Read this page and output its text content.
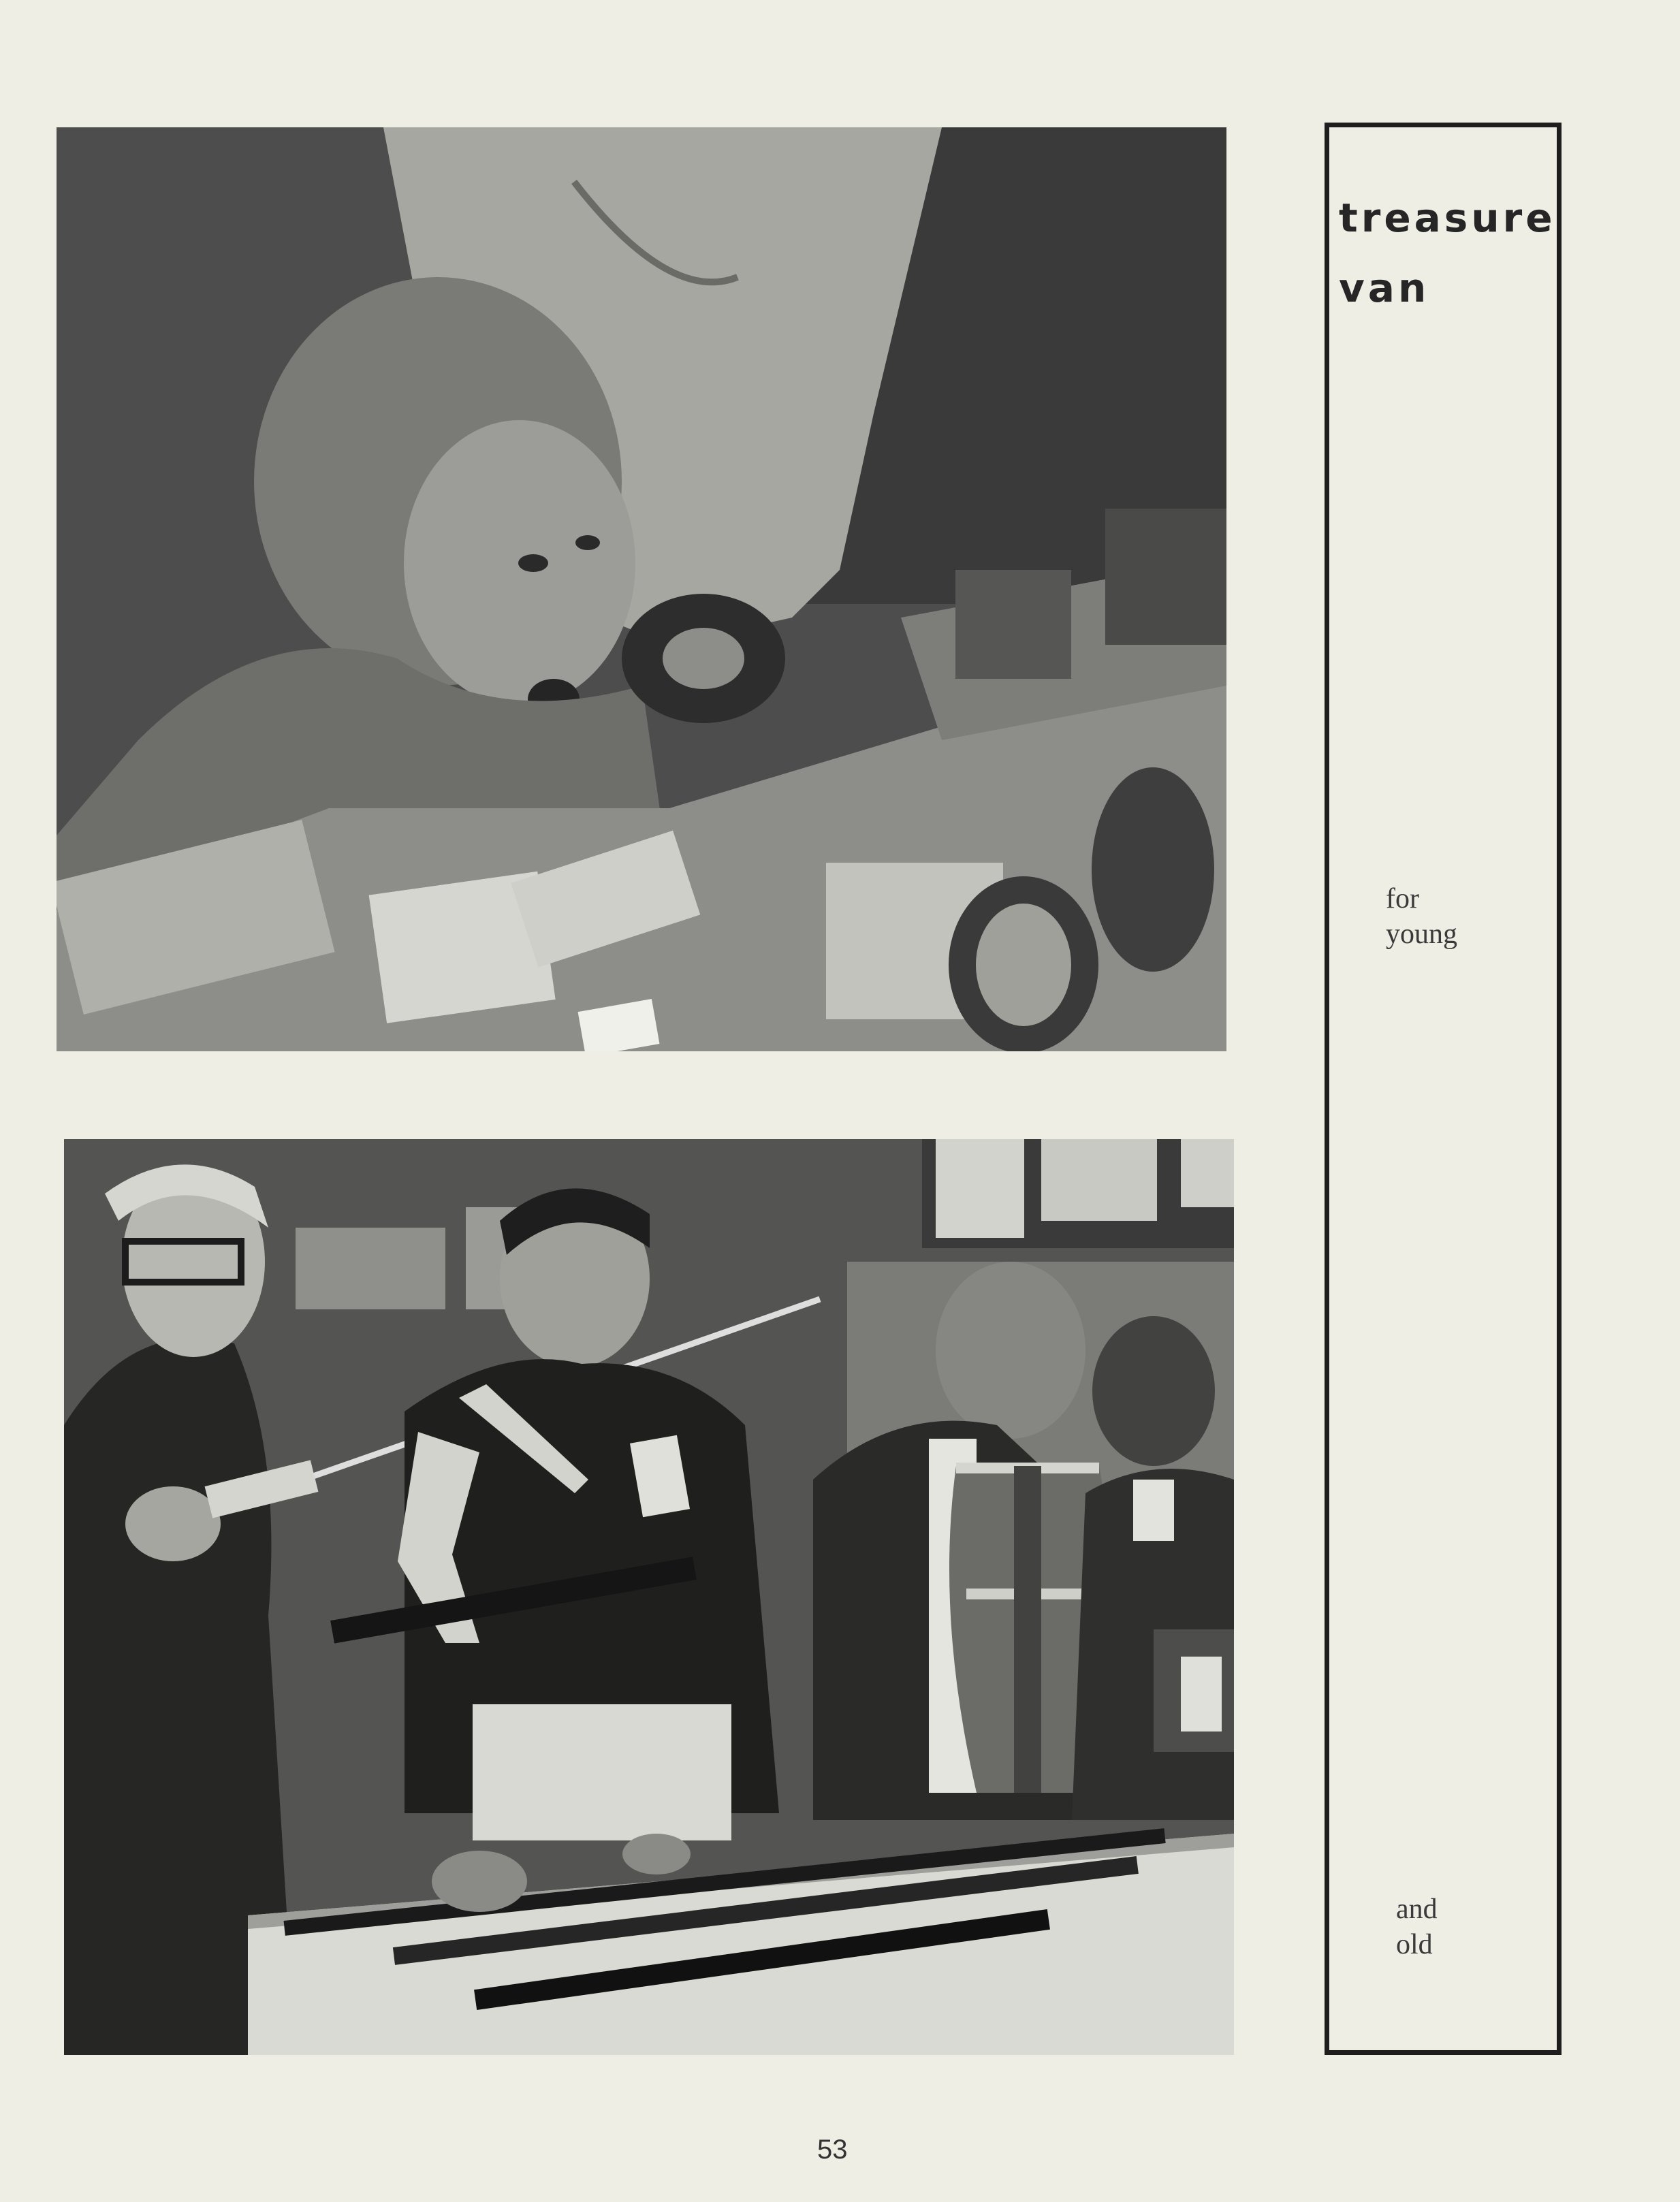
treasure
van
for
young
and
old
53
